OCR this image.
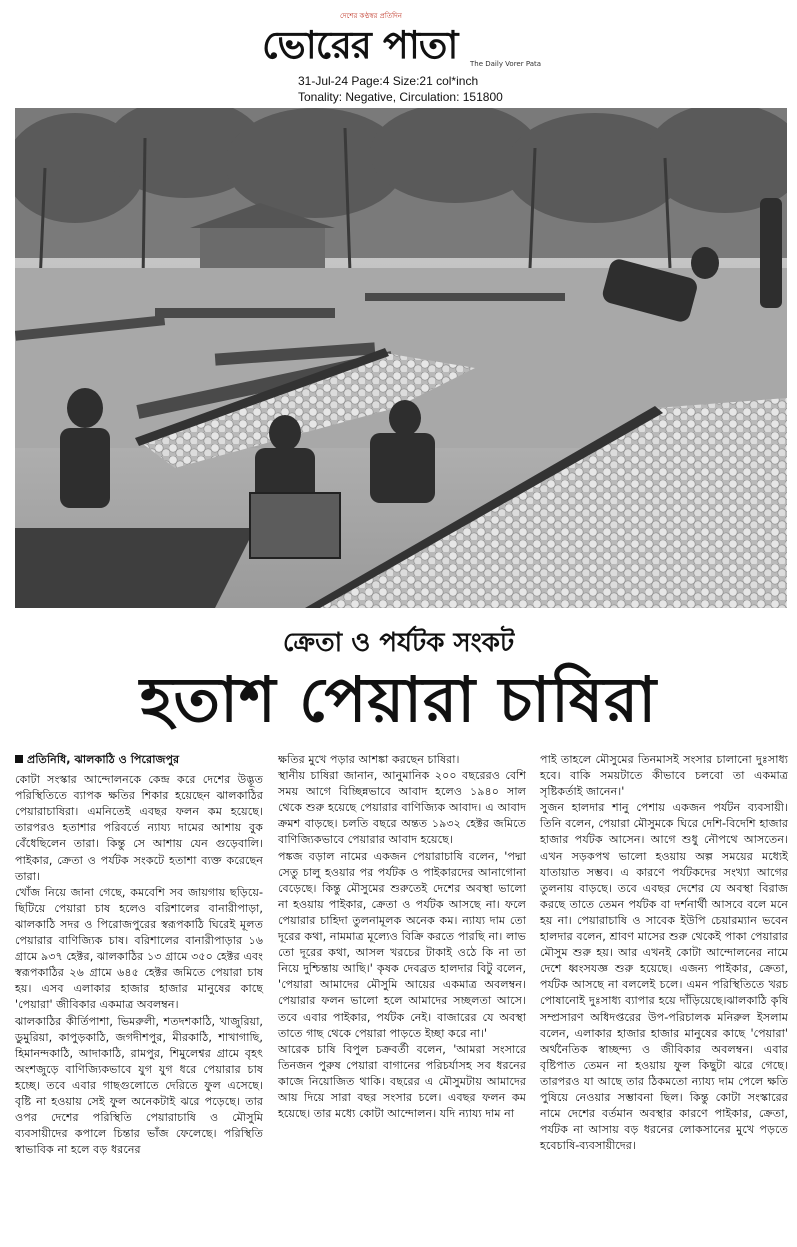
দেশের কণ্ঠস্বর প্রতিদিন
ভোরের পাতা The Daily Vorer Pata
31-Jul-24 Page:4 Size:21 col*inch
Tonality: Negative, Circulation: 151800
ক্রেতা ও পর্যটক সংকট
হতাশ পেয়ারা চাষিরা
প্রতিনিধি, ঝালকাঠি ও পিরোজপুর

কোটা সংস্কার আন্দোলনকে কেন্দ্র করে দেশের উদ্ভূত পরিস্থিতিতে ব্যাপক ক্ষতির শিকার হয়েছেন ঝালকাঠির পেয়ারাচাষিরা। এমনিতেই এবছর ফলন কম হয়েছে। তারপরও হতাশার পরিবর্তে ন্যায্য দামের আশায় বুক বেঁধেছিলেন তারা। কিন্তু সে আশায় যেন গুড়েবালি। পাইকার, ক্রেতা ও পর্যটক সংকটে হতাশা ব্যক্ত করেছেন তারা।

খোঁজ নিয়ে জানা গেছে, কমবেশি সব জায়গায় ছড়িয়ে-ছিটিয়ে পেয়ারা চাষ হলেও বরিশালের বানারীপাড়া, ঝালকাঠি সদর ও পিরোজপুরের স্বরূপকাঠি ঘিরেই মূলত পেয়ারার বাণিজ্যিক চাষ। বরিশালের বানারীপাড়ার ১৬ গ্রামে ৯৩৭ হেক্টর, ঝালকাঠির ১৩ গ্রামে ৩৫০ হেক্টর এবং স্বরূপকাঠির ২৬ গ্রামে ৬৪৫ হেক্টর জমিতে পেয়ারা চাষ হয়। এসব এলাকার হাজার হাজার মানুষের কাছে 'পেয়ারা' জীবিকার একমাত্র অবলম্বন।

ঝালকাঠির কীর্তিপাশা, ভিমরুলী, শতদশকাঠি, খাজুরিয়া, ডুমুরিয়া, কাপুড়কাঠি, জগদীশপুর, মীরকাঠি, শাখাগাছি, হিমানন্দকাঠি, আদাকাঠি, রামপুর, শিমুলেশ্বর গ্রামে বৃহৎ অংশজুড়ে বাণিজ্যিকভাবে যুগ যুগ ধরে পেয়ারার চাষ হচ্ছে। তবে এবার গাছগুলোতে দেরিতে ফুল এসেছে। বৃষ্টি না হওয়ায় সেই ফুল অনেকটাই ঝরে পড়েছে। তার ওপর দেশের পরিস্থিতি পেয়ারাচাষি ও মৌসুমি ব্যবসায়ীদের কপালে চিন্তার ভাঁজ ফেলেছে। পরিস্থিতি স্বাভাবিক না হলে বড় ধরনের

ক্ষতির মুখে পড়ার আশঙ্কা করছেন চাষিরা।

স্থানীয় চাষিরা জানান, আনুমানিক ২০০ বছরেরও বেশি সময় আগে বিচ্ছিন্নভাবে আবাদ হলেও ১৯৪০ সাল থেকে শুরু হয়েছে পেয়ারার বাণিজ্যিক আবাদ। এ আবাদ ক্রমশ বাড়ছে। চলতি বছরে অন্তত ১৯৩২ হেক্টর জমিতে বাণিজ্যিকভাবে পেয়ারার আবাদ হয়েছে।

পঙ্কজ বড়াল নামের একজন পেয়ারাচাষি বলেন, 'পদ্মা সেতু চালু হওয়ার পর পর্যটক ও পাইকারদের আনাগোনা বেড়েছে। কিন্তু মৌসুমের শুরুতেই দেশের অবস্থা ভালো না হওয়ায় পাইকার, ক্রেতা ও পর্যটক আসছে না। ফলে পেয়ারার চাহিদা তুলনামূলক অনেক কম। ন্যায্য দাম তো দূরের কথা, নামমাত্র মূল্যেও বিক্রি করতে পারছি না। লাভ তো দূরের কথা, আসল খরচের টাকাই ওঠে কি না তা নিয়ে দুশ্চিন্তায় আছি।' কৃষক দেবব্রত হালদার বিটু বলেন, 'পেয়ারা আমাদের মৌসুমি আয়ের একমাত্র অবলম্বন। পেয়ারার ফলন ভালো হলে আমাদের সচ্ছলতা আসে। তবে এবার পাইকার, পর্যটক নেই। বাজারের যে অবস্থা তাতে গাছ থেকে পেয়ারা পাড়তে ইচ্ছা করে না।'

আরেক চাষি বিপুল চক্রবর্তী বলেন, 'আমরা সংসারে তিনজন পুরুষ পেয়ারা বাগানের পরিচর্যাসহ সব ধরনের কাজে নিয়োজিত থাকি। বছরের এ মৌসুমটায় আমাদের আয় দিয়ে সারা বছর সংসার চলে। এবছর ফলন কম হয়েছে। তার মধ্যে কোটা আন্দোলন। যদি ন্যায্য দাম না

পাই তাহলে মৌসুমের তিনমাসই সংসার চালানো দুঃসাধ্য হবে। বাকি সময়টাতে কীভাবে চলবো তা একমাত্র সৃষ্টিকর্তাই জানেন।'

সুজন হালদার শানু পেশায় একজন পর্যটন ব্যবসায়ী। তিনি বলেন, পেয়ারা মৌসুমকে ঘিরে দেশি-বিদেশি হাজার হাজার পর্যটক আসেন। আগে শুধু নৌপথে আসতেন। এখন সড়কপথ ভালো হওয়ায় অল্প সময়ের মধ্যেই যাতায়াত সম্ভব। এ কারণে পর্যটকদের সংখ্যা আগের তুলনায় বাড়ছে। তবে এবছর দেশের যে অবস্থা বিরাজ করছে তাতে তেমন পর্যটক বা দর্শনার্থী আসবে বলে মনে হয় না। পেয়ারাচাষি ও সাবেক ইউপি চেয়ারম্যান ভবেন হালদার বলেন, শ্রাবণ মাসের শুরু থেকেই পাকা পেয়ারার মৌসুম শুরু হয়। আর এখনই কোটা আন্দোলনের নামে দেশে ধ্বংসযজ্ঞ শুরু হয়েছে। এজন্য পাইকার, ক্রেতা, পর্যটক আসছে না বললেই চলে। এমন পরিস্থিতিতে খরচ পোষানোই দুঃসাধ্য ব্যাপার হয়ে দাঁড়িয়েছে।ঝালকাঠি কৃষি সম্প্রসারণ অধিদপ্তরের উপ-পরিচালক মনিরুল ইসলাম বলেন, এলাকার হাজার হাজার মানুষের কাছে 'পেয়ারা' অর্থনৈতিক স্বাচ্ছন্দ্য ও জীবিকার অবলম্বন। এবার বৃষ্টিপাত তেমন না হওয়ায় ফুল কিছুটা ঝরে গেছে। তারপরও যা আছে তার ঠিকমতো ন্যায্য দাম পেলে ক্ষতি পুষিয়ে নেওয়ার সম্ভাবনা ছিল। কিন্তু কোটা সংস্কারের নামে দেশের বর্তমান অবস্থার কারণে পাইকার, ক্রেতা, পর্যটক না আসায় বড় ধরনের লোকসানের মুখে পড়তে হবেচাষি-ব্যবসায়ীদের।
